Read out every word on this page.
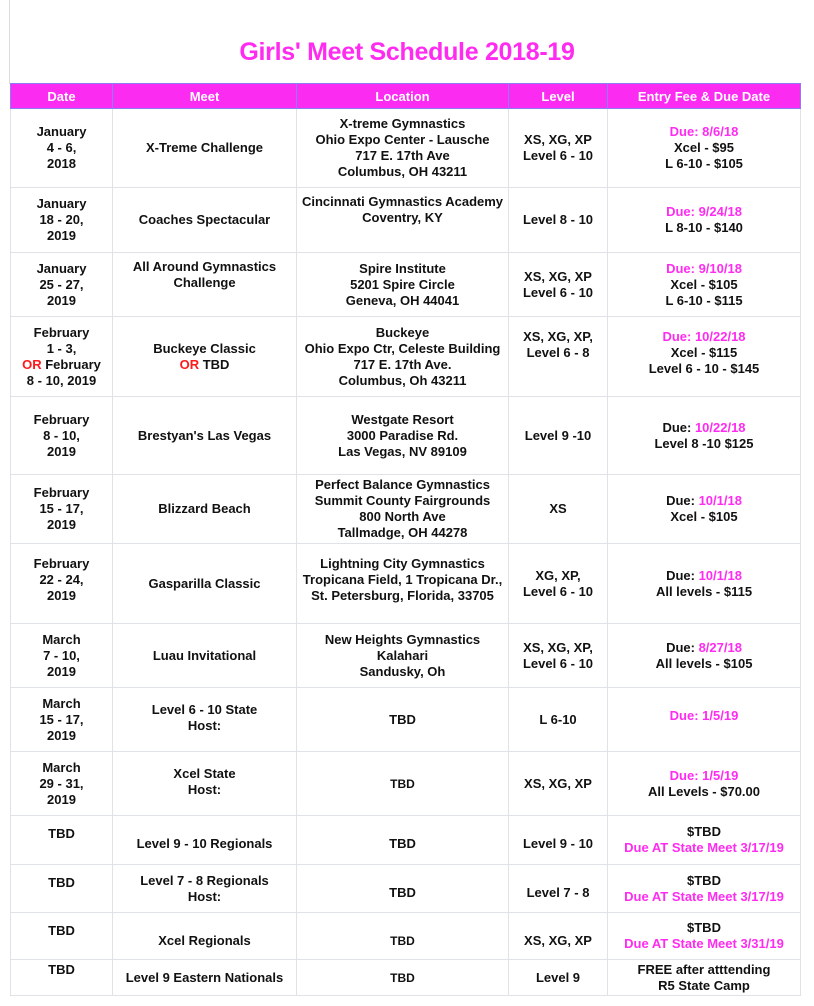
Girls' Meet Schedule 2018-19
Date	Meet	Location	Level	Entry Fee & Due Date

January
4 - 6,
2018	X-Treme Challenge	X-treme Gymnastics
Ohio Expo Center - Lausche
717 E. 17th Ave
Columbus, OH 43211	XS, XG, XP
Level 6 - 10	Due: 8/6/18
Xcel - $95
L 6-10 - $105

January
18 - 20,
2019	Coaches Spectacular	Cincinnati Gymnastics Academy
Coventry, KY	Level 8 - 10	Due: 9/24/18
L 8-10 - $140

January
25 - 27,
2019	All Around Gymnastics
Challenge	Spire Institute
5201 Spire Circle
Geneva, OH 44041	XS, XG, XP
Level 6 - 10	Due: 9/10/18
Xcel - $105
L 6-10 - $115

February
1 - 3,
OR February
8 - 10, 2019	Buckeye Classic
OR TBD	Buckeye
Ohio Expo Ctr, Celeste Building
717 E. 17th Ave.
Columbus, Oh 43211	XS, XG, XP,
Level 6 - 8	Due: 10/22/18
Xcel - $115
Level 6 - 10 - $145

February
8 - 10,
2019	Brestyan's Las Vegas	Westgate Resort
3000 Paradise Rd.
Las Vegas, NV 89109	Level 9 -10	Due: 10/22/18
Level 8 -10 $125

February
15 - 17,
2019	Blizzard Beach	Perfect Balance Gymnastics
Summit County Fairgrounds
800 North Ave
Tallmadge, OH 44278	XS	Due: 10/1/18
Xcel - $105

February
22 - 24,
2019	Gasparilla Classic	Lightning City Gymnastics
Tropicana Field, 1 Tropicana Dr.,
St. Petersburg, Florida, 33705	XG, XP,
Level 6 - 10	Due: 10/1/18
All levels - $115

March
7 - 10,
2019	Luau Invitational	New Heights Gymnastics
Kalahari
Sandusky, Oh	XS, XG, XP,
Level 6 - 10	Due: 8/27/18
All levels - $105

March
15 - 17,
2019	Level 6 - 10 State
Host:	TBD	L 6-10	Due: 1/5/19

March
29 - 31,
2019	Xcel State
Host:	TBD	XS, XG, XP	Due: 1/5/19
All Levels - $70.00

TBD	Level 9 - 10 Regionals	TBD	Level 9 - 10	$TBD
Due AT State Meet 3/17/19

TBD	Level 7 - 8 Regionals
Host:	TBD	Level 7 - 8	$TBD
Due AT State Meet 3/17/19

TBD	Xcel Regionals	TBD	XS, XG, XP	$TBD
Due AT State Meet 3/31/19

TBD	Level 9 Eastern Nationals	TBD	Level 9	FREE after atttending
R5 State Camp
